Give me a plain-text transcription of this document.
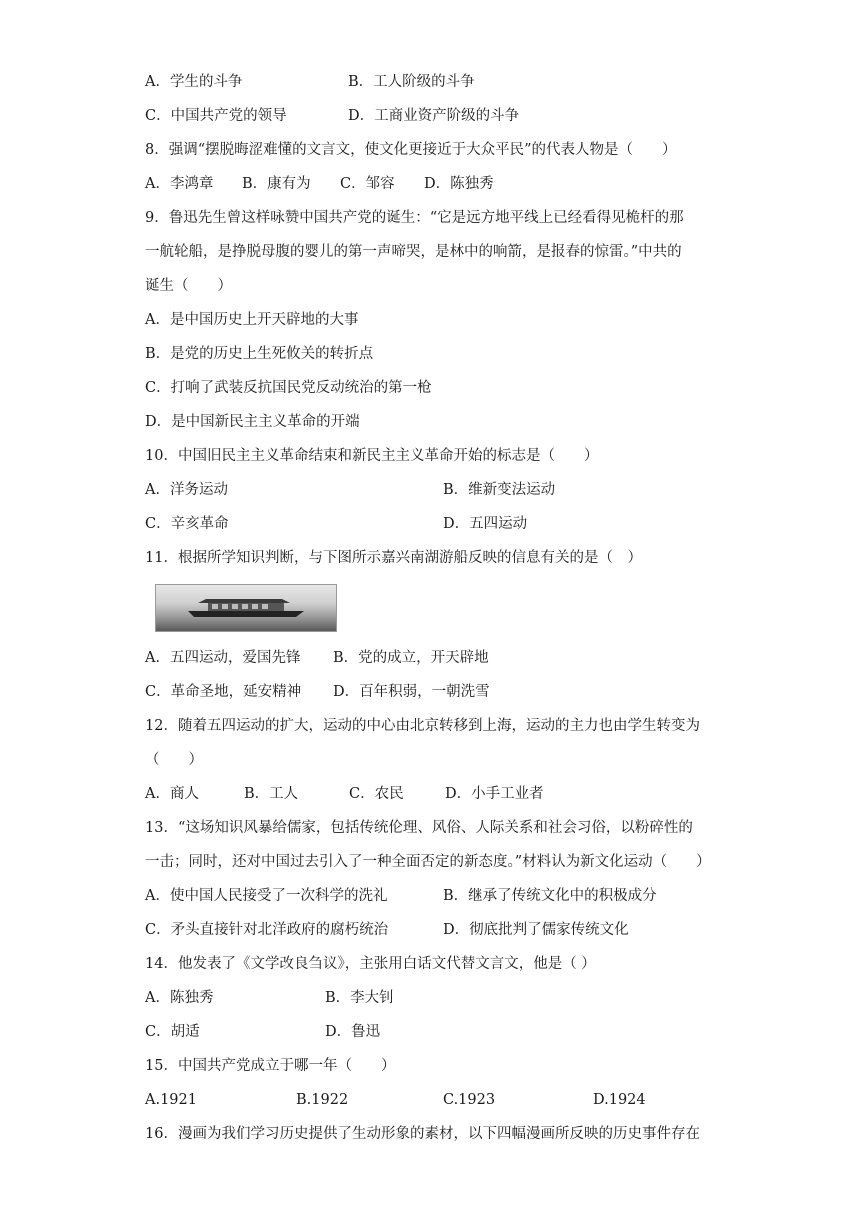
A．学生的斗争	B．工人阶级的斗争
C．中国共产党的领导	D．工商业资产阶级的斗争
8．强调“摆脱晦涩难懂的文言文，使文化更接近于大众平民”的代表人物是（　　）
A．李鸿章 B．康有为 C．邹容 D．陈独秀
9．鲁迅先生曾这样咏赞中国共产党的诞生：“它是远方地平线上已经看得见桅杆的那
一航轮船，是挣脱母腹的婴儿的第一声啼哭，是林中的响箭，是报春的惊雷。”中共的
诞生（　　）
A．是中国历史上开天辟地的大事
B．是党的历史上生死攸关的转折点
C．打响了武装反抗国民党反动统治的第一枪
D．是中国新民主主义革命的开端
10．中国旧民主主义革命结束和新民主主义革命开始的标志是（　　）
A．洋务运动	B．维新变法运动
C．辛亥革命	D．五四运动
11．根据所学知识判断，与下图所示嘉兴南湖游船反映的信息有关的是（　）
A．五四运动，爱国先锋 B．党的成立，开天辟地
C．革命圣地，延安精神 D．百年积弱，一朝洗雪
12．随着五四运动的扩大，运动的中心由北京转移到上海，运动的主力也由学生转变为
（　　）
A．商人	B．工人	C．农民	D．小手工业者
13．“这场知识风暴给儒家，包括传统伦理、风俗、人际关系和社会习俗，以粉碎性的
一击；同时，还对中国过去引入了一种全面否定的新态度。”材料认为新文化运动（　　）
A．使中国人民接受了一次科学的洗礼	B．继承了传统文化中的积极成分
C．矛头直接针对北洋政府的腐朽统治	D．彻底批判了儒家传统文化
14．他发表了《文学改良刍议》，主张用白话文代替文言文，他是（ ）
A．陈独秀	B．李大钊
C．胡适	D．鲁迅
15．中国共产党成立于哪一年（　　）
A.1921	B.1922	C.1923	D.1924
16．漫画为我们学习历史提供了生动形象的素材，以下四幅漫画所反映的历史事件存在
